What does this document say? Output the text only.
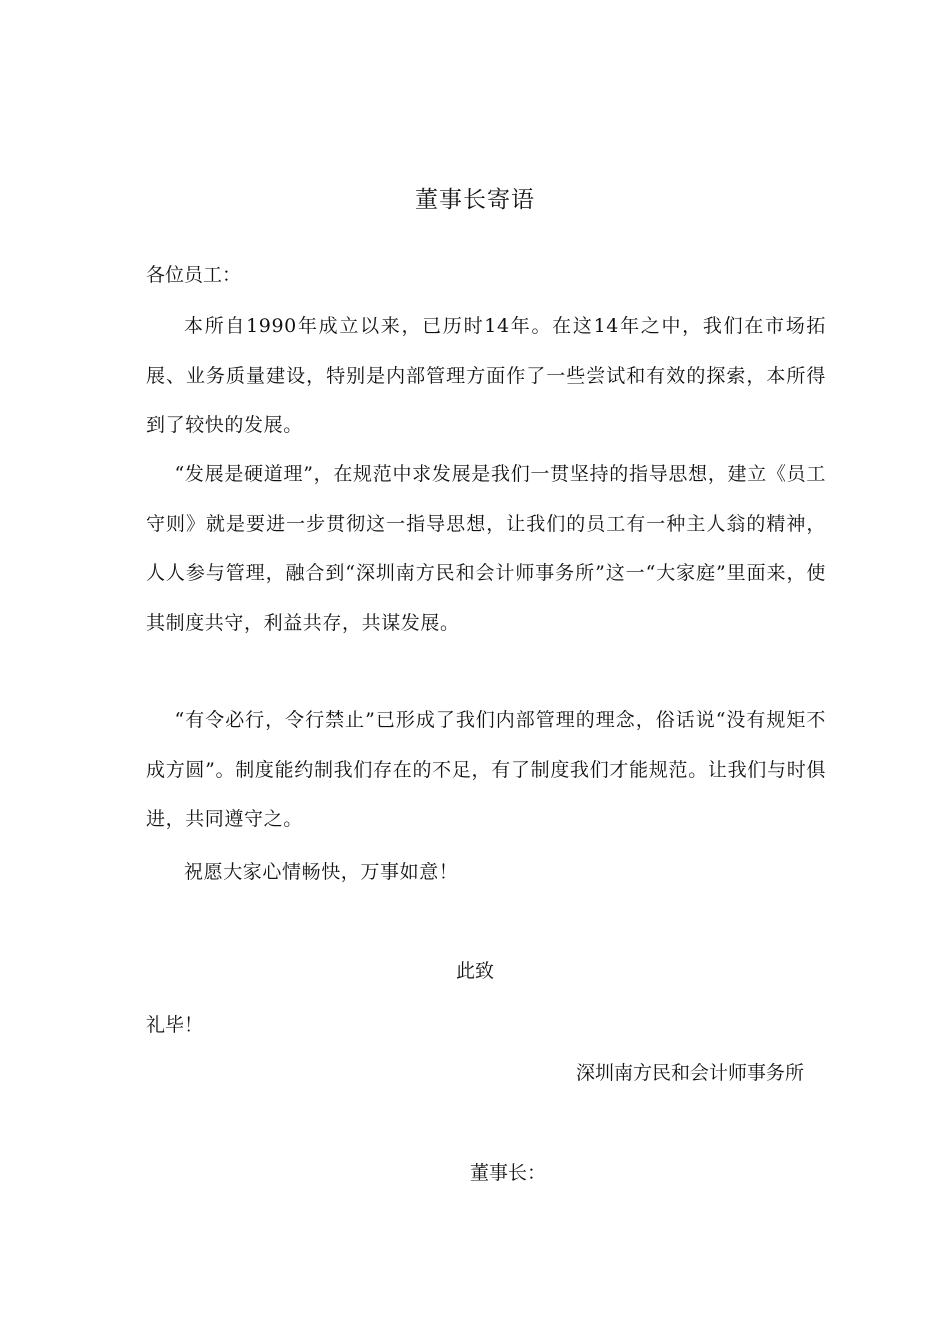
董事长寄语
各位员工：
本所自1990年成立以来，已历时14年。在这14年之中，我们在市场拓展、业务质量建设，特别是内部管理方面作了一些尝试和有效的探索，本所得到了较快的发展。
“发展是硬道理”，在规范中求发展是我们一贯坚持的指导思想，建立《员工守则》就是要进一步贯彻这一指导思想，让我们的员工有一种主人翁的精神，人人参与管理，融合到“深圳南方民和会计师事务所”这一“大家庭”里面来，使其制度共守，利益共存，共谋发展。
“有令必行，令行禁止”已形成了我们内部管理的理念，俗话说“没有规矩不成方圆”。制度能约制我们存在的不足，有了制度我们才能规范。让我们与时俱进，共同遵守之。
祝愿大家心情畅快，万事如意！
此致
礼毕！
深圳南方民和会计师事务所
董事长：
